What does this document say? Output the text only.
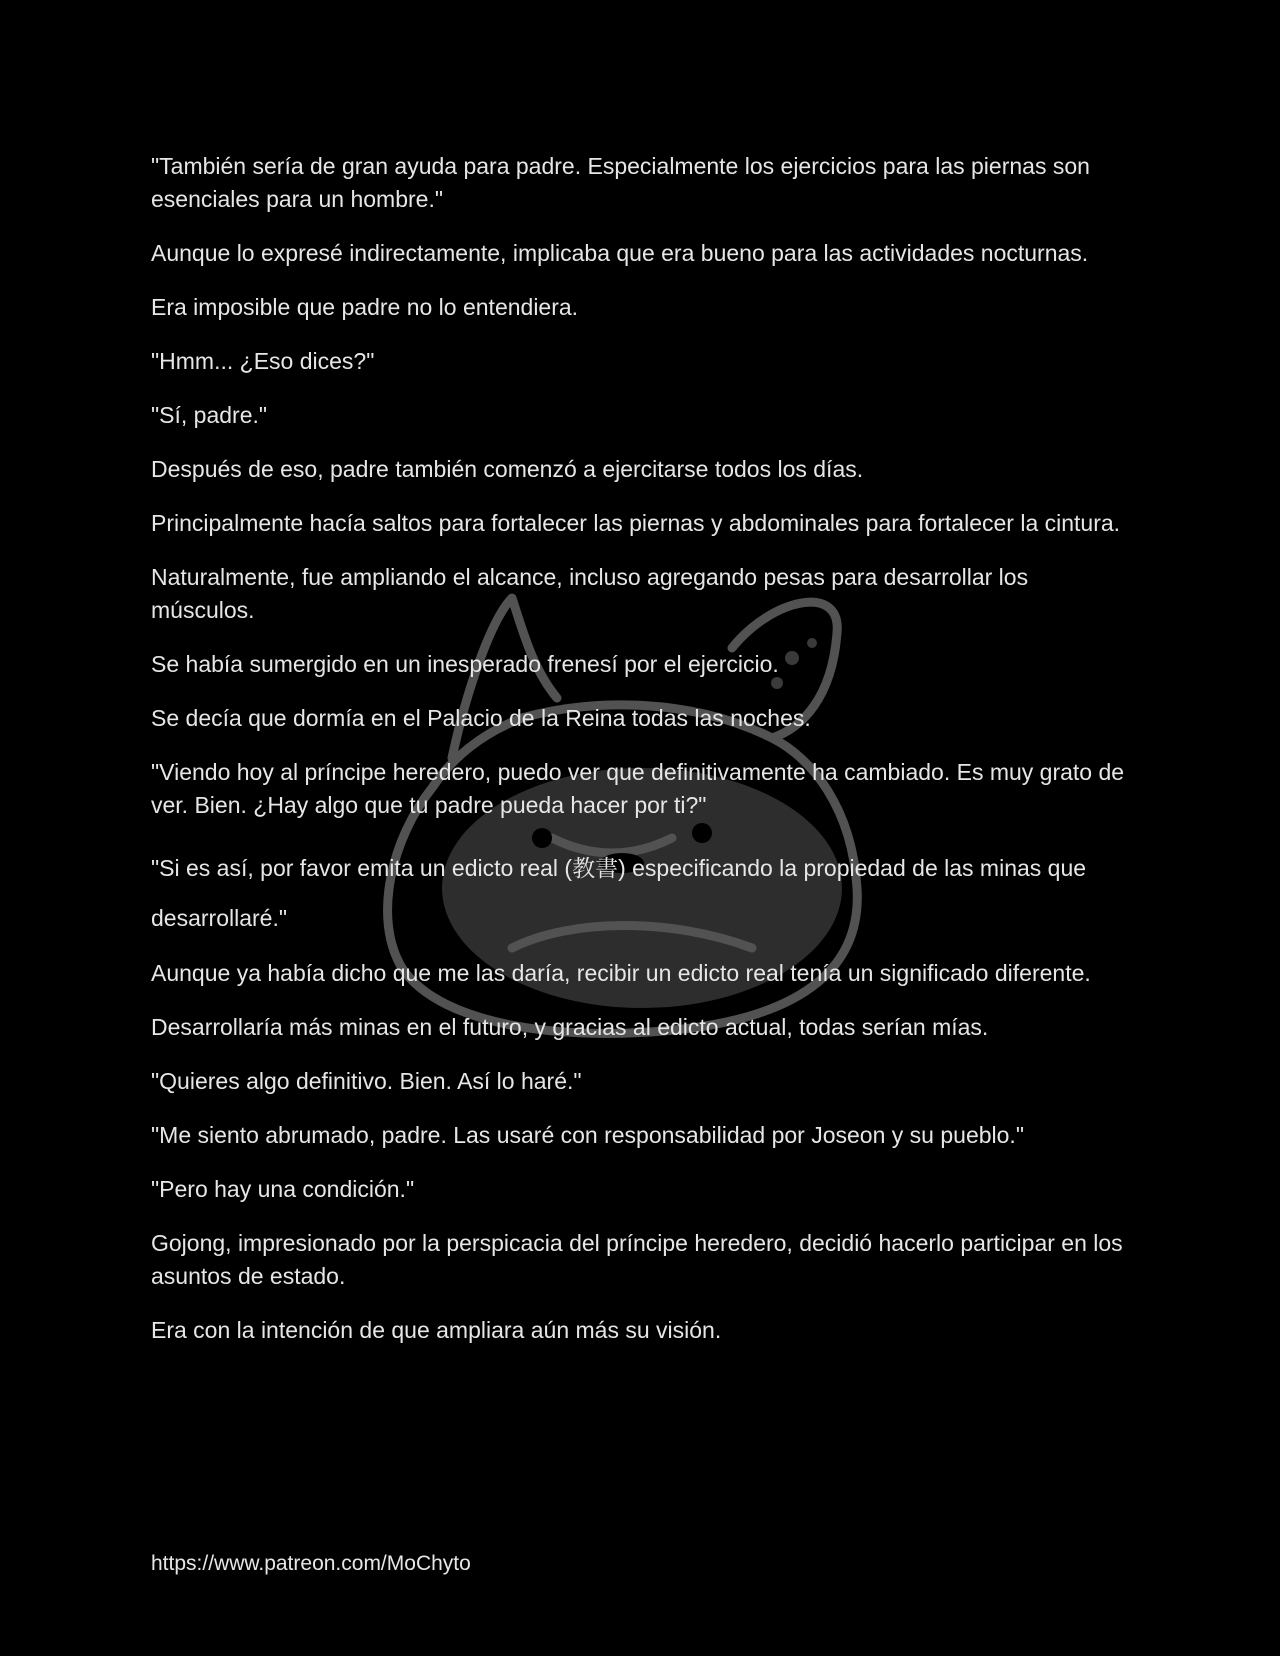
"También sería de gran ayuda para padre. Especialmente los ejercicios para las piernas son esenciales para un hombre."

Aunque lo expresé indirectamente, implicaba que era bueno para las actividades nocturnas.

Era imposible que padre no lo entendiera.

"Hmm... ¿Eso dices?"

"Sí, padre."

Después de eso, padre también comenzó a ejercitarse todos los días.

Principalmente hacía saltos para fortalecer las piernas y abdominales para fortalecer la cintura.

Naturalmente, fue ampliando el alcance, incluso agregando pesas para desarrollar los músculos.

Se había sumergido en un inesperado frenesí por el ejercicio.

Se decía que dormía en el Palacio de la Reina todas las noches.

"Viendo hoy al príncipe heredero, puedo ver que definitivamente ha cambiado. Es muy grato de ver. Bien. ¿Hay algo que tu padre pueda hacer por ti?"

"Si es así, por favor emita un edicto real (教書) especificando la propiedad de las minas que desarrollaré."

Aunque ya había dicho que me las daría, recibir un edicto real tenía un significado diferente.

Desarrollaría más minas en el futuro, y gracias al edicto actual, todas serían mías.

"Quieres algo definitivo. Bien. Así lo haré."

"Me siento abrumado, padre. Las usaré con responsabilidad por Joseon y su pueblo."

"Pero hay una condición."

Gojong, impresionado por la perspicacia del príncipe heredero, decidió hacerlo participar en los asuntos de estado.

Era con la intención de que ampliara aún más su visión.

https://www.patreon.com/MoChyto
